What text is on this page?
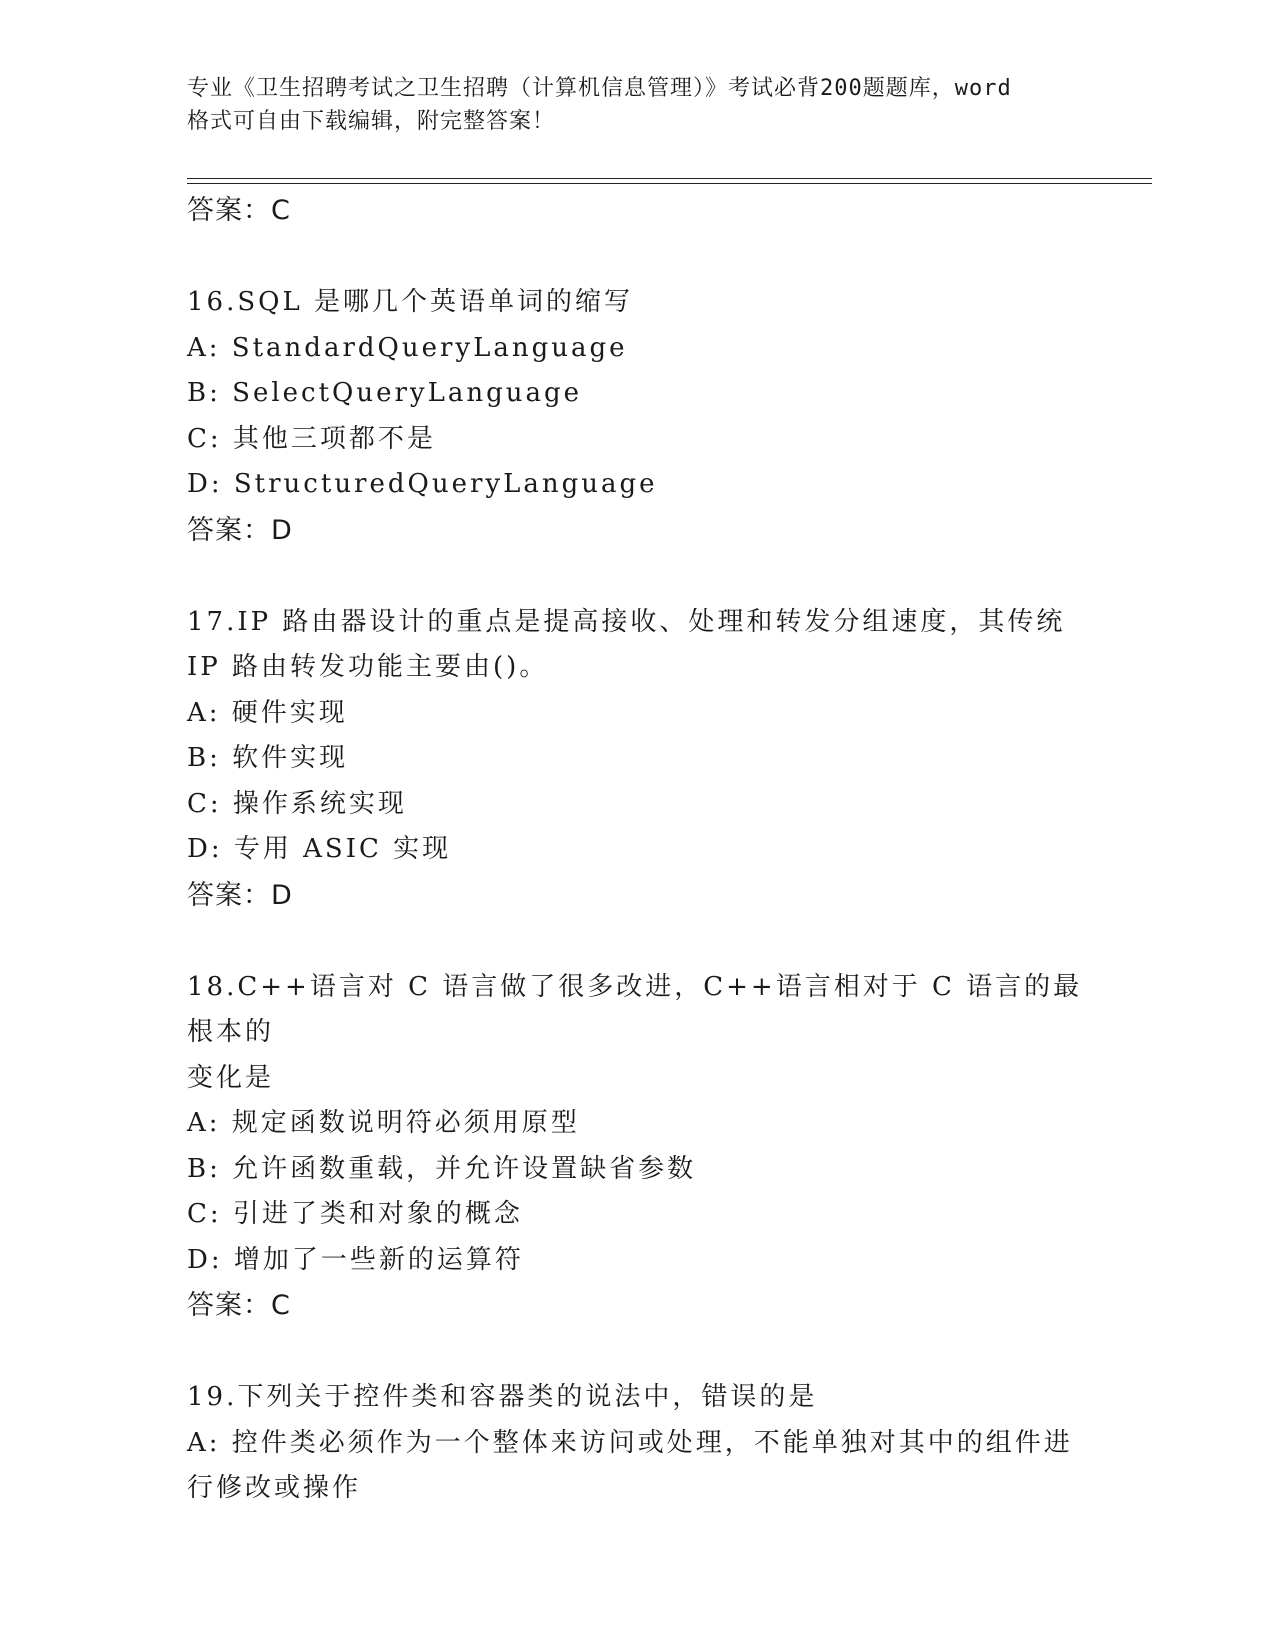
专业《卫生招聘考试之卫生招聘（计算机信息管理）》考试必背200题题库，word
格式可自由下载编辑，附完整答案！
答案：C
16.SQL 是哪几个英语单词的缩写
A: StandardQueryLanguage
B: SelectQueryLanguage
C: 其他三项都不是
D: StructuredQueryLanguage
答案：D
17.IP 路由器设计的重点是提高接收、处理和转发分组速度，其传统
IP 路由转发功能主要由()。
A: 硬件实现
B: 软件实现
C: 操作系统实现
D: 专用 ASIC 实现
答案：D
18.C++语言对 C 语言做了很多改进，C++语言相对于 C 语言的最根本的
变化是
A: 规定函数说明符必须用原型
B: 允许函数重载，并允许设置缺省参数
C: 引进了类和对象的概念
D: 增加了一些新的运算符
答案：C
19.下列关于控件类和容器类的说法中，错误的是
A: 控件类必须作为一个整体来访问或处理，不能单独对其中的组件进
行修改或操作
